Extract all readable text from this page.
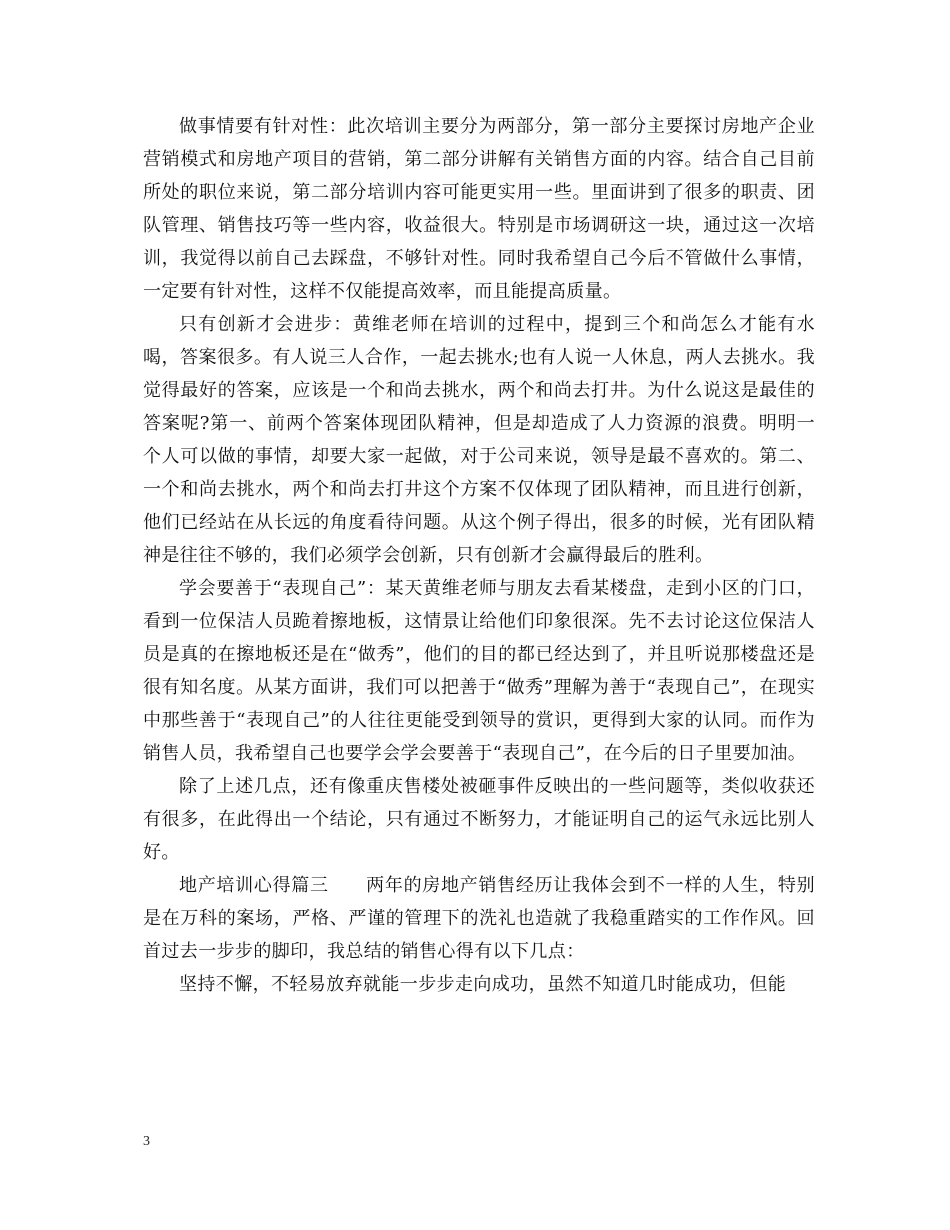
做事情要有针对性：此次培训主要分为两部分，第一部分主要探讨房地产企业营销模式和房地产项目的营销，第二部分讲解有关销售方面的内容。结合自己目前所处的职位来说，第二部分培训内容可能更实用一些。里面讲到了很多的职责、团队管理、销售技巧等一些内容，收益很大。特别是市场调研这一块，通过这一次培训，我觉得以前自己去踩盘，不够针对性。同时我希望自己今后不管做什么事情，一定要有针对性，这样不仅能提高效率，而且能提高质量。

只有创新才会进步：黄维老师在培训的过程中，提到三个和尚怎么才能有水喝，答案很多。有人说三人合作，一起去挑水;也有人说一人休息，两人去挑水。我觉得最好的答案，应该是一个和尚去挑水，两个和尚去打井。为什么说这是最佳的答案呢?第一、前两个答案体现团队精神，但是却造成了人力资源的浪费。明明一个人可以做的事情，却要大家一起做，对于公司来说，领导是最不喜欢的。第二、一个和尚去挑水，两个和尚去打井这个方案不仅体现了团队精神，而且进行创新，他们已经站在从长远的角度看待问题。从这个例子得出，很多的时候，光有团队精神是往往不够的，我们必须学会创新，只有创新才会赢得最后的胜利。

学会要善于“表现自己”：某天黄维老师与朋友去看某楼盘，走到小区的门口，看到一位保洁人员跪着擦地板，这情景让给他们印象很深。先不去讨论这位保洁人员是真的在擦地板还是在“做秀”，他们的目的都已经达到了，并且听说那楼盘还是很有知名度。从某方面讲，我们可以把善于“做秀”理解为善于“表现自己”，在现实中那些善于“表现自己”的人往往更能受到领导的赏识，更得到大家的认同。而作为销售人员，我希望自己也要学会学会要善于“表现自己”，在今后的日子里要加油。

除了上述几点，还有像重庆售楼处被砸事件反映出的一些问题等，类似收获还有很多，在此得出一个结论，只有通过不断努力，才能证明自己的运气永远比别人好。

地产培训心得篇三　　两年的房地产销售经历让我体会到不一样的人生，特别是在万科的案场，严格、严谨的管理下的洗礼也造就了我稳重踏实的工作作风。回首过去一步步的脚印，我总结的销售心得有以下几点：

坚持不懈，不轻易放弃就能一步步走向成功，虽然不知道几时能成功，但能

3
